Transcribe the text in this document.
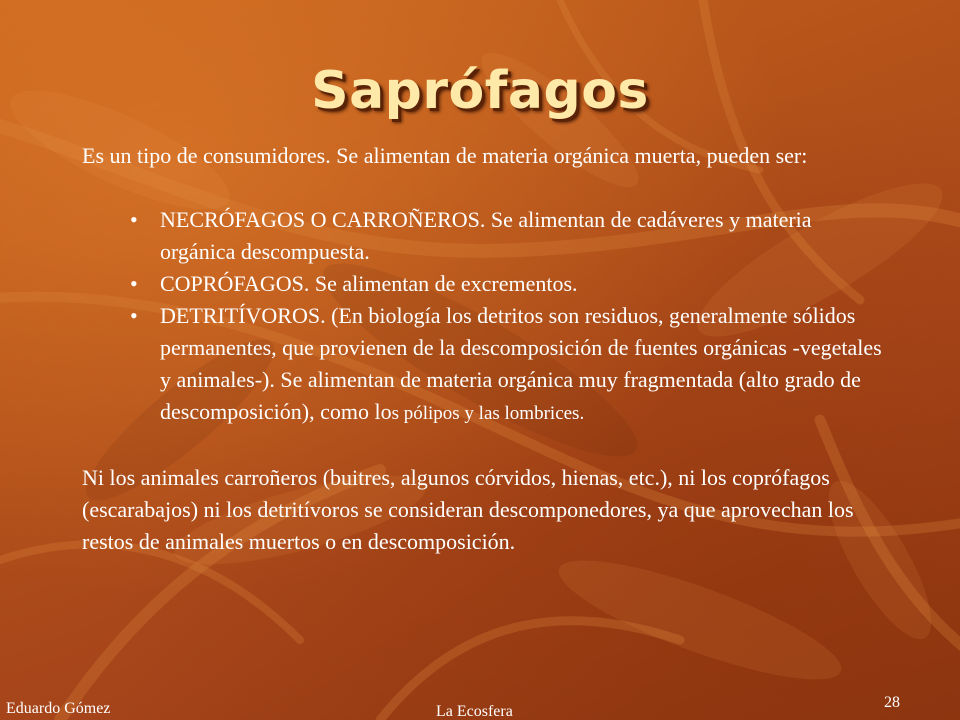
Saprófagos

Es un tipo de consumidores. Se alimentan de materia orgánica muerta, pueden ser:

• NECRÓFAGOS O CARROÑEROS. Se alimentan de cadáveres y materia orgánica descompuesta.
• COPRÓFAGOS. Se alimentan de excrementos.
• DETRITÍVOROS. (En biología los detritos son residuos, generalmente sólidos permanentes, que provienen de la descomposición de fuentes orgánicas -vegetales y animales-). Se alimentan de materia orgánica muy fragmentada (alto grado de descomposición), como los pólipos y las lombrices.

Ni los animales carroñeros (buitres, algunos córvidos, hienas, etc.), ni los coprófagos (escarabajos) ni los detritívoros se consideran descomponedores, ya que aprovechan los restos de animales muertos o en descomposición.

Eduardo Gómez	La Ecosfera
28
